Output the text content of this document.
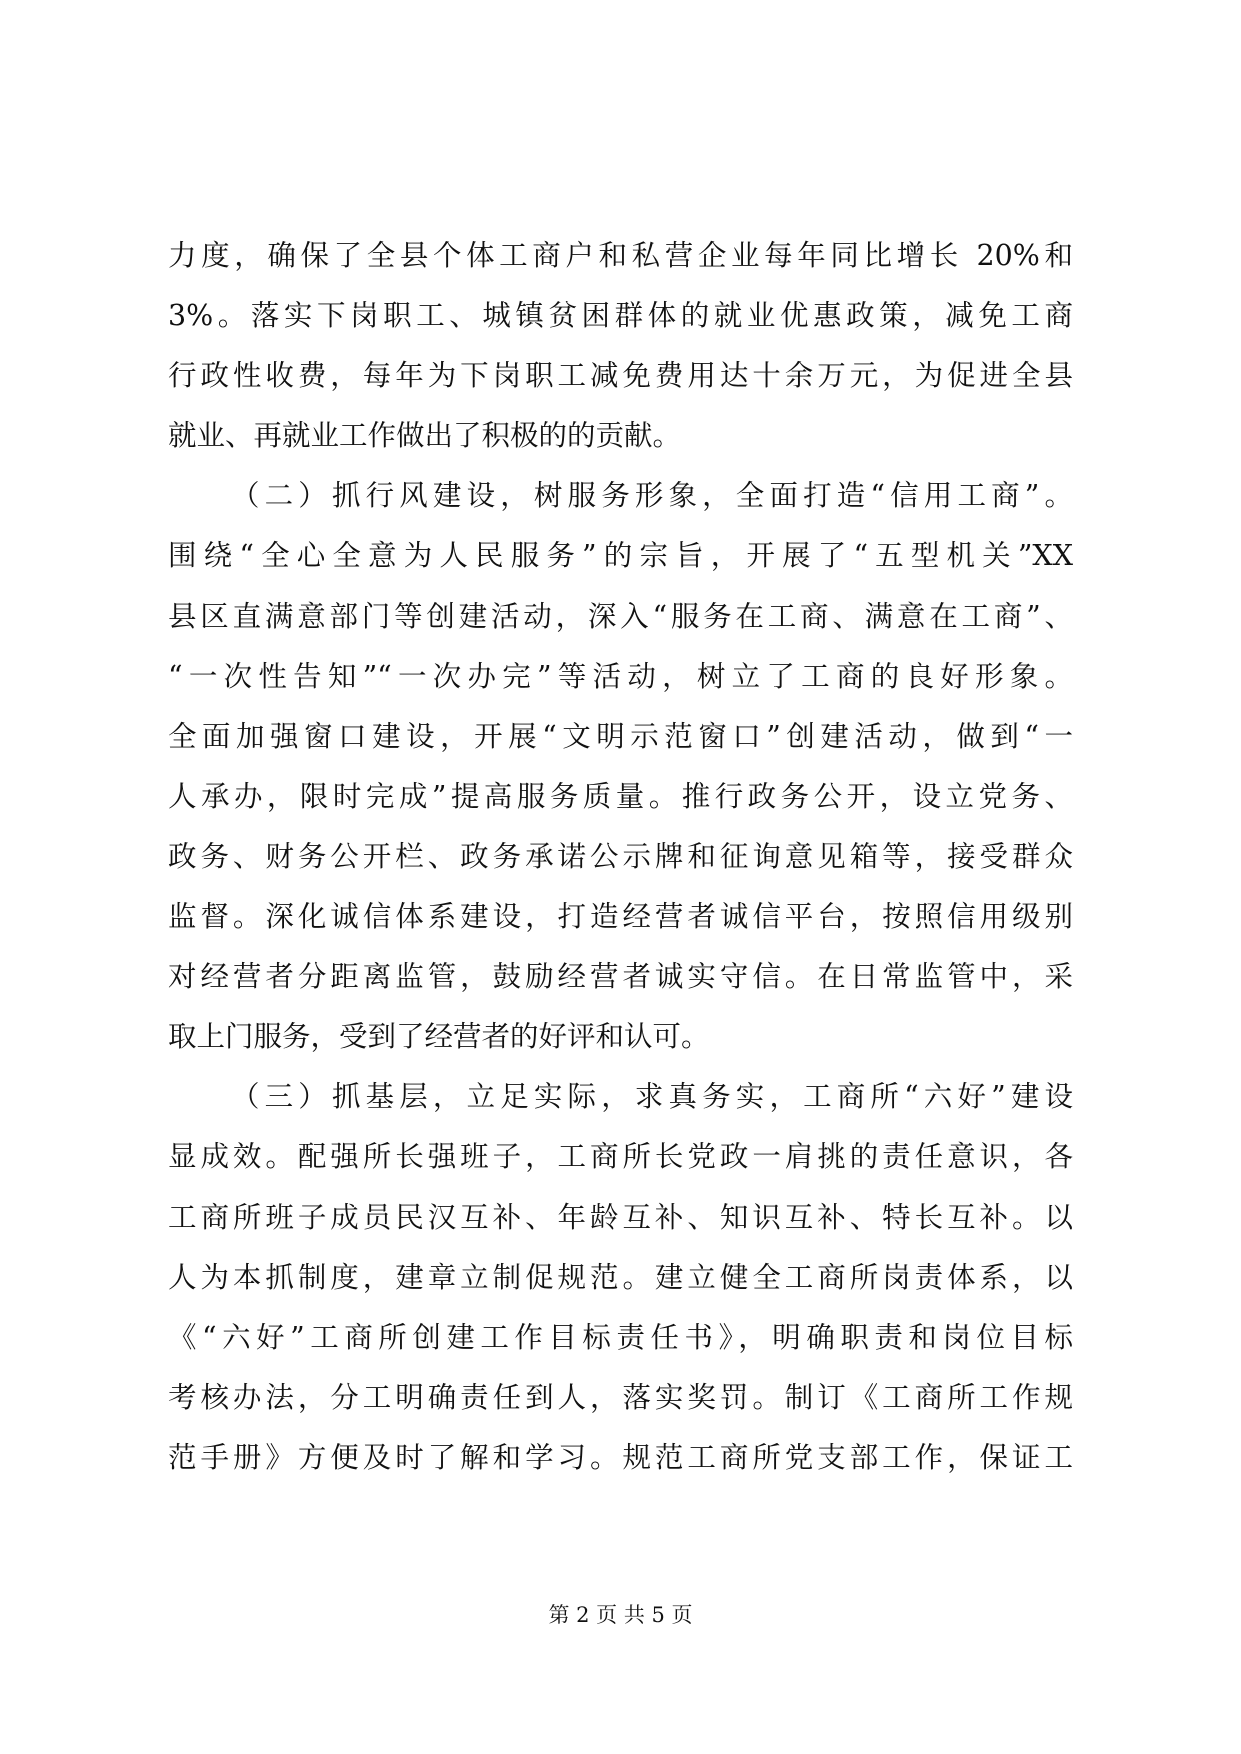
力度，确保了全县个体工商户和私营企业每年同比增长 20%和
3%。落实下岗职工、城镇贫困群体的就业优惠政策，减免工商
行政性收费，每年为下岗职工减免费用达十余万元，为促进全县
就业、再就业工作做出了积极的的贡献。
（二）抓行风建设，树服务形象，全面打造“信用工商”。
围绕“全心全意为人民服务”的宗旨，开展了“五型机关”XX
县区直满意部门等创建活动，深入“服务在工商、满意在工商”、
“一次性告知”“一次办完”等活动，树立了工商的良好形象。
全面加强窗口建设，开展“文明示范窗口”创建活动，做到“一
人承办，限时完成”提高服务质量。推行政务公开，设立党务、
政务、财务公开栏、政务承诺公示牌和征询意见箱等，接受群众
监督。深化诚信体系建设，打造经营者诚信平台，按照信用级别
对经营者分距离监管，鼓励经营者诚实守信。在日常监管中，采
取上门服务，受到了经营者的好评和认可。
（三）抓基层，立足实际，求真务实，工商所“六好”建设
显成效。配强所长强班子，工商所长党政一肩挑的责任意识，各
工商所班子成员民汉互补、年龄互补、知识互补、特长互补。以
人为本抓制度，建章立制促规范。建立健全工商所岗责体系，以
《“六好”工商所创建工作目标责任书》，明确职责和岗位目标
考核办法，分工明确责任到人，落实奖罚。制订《工商所工作规
范手册》方便及时了解和学习。规范工商所党支部工作，保证工
第 2 页 共 5 页
